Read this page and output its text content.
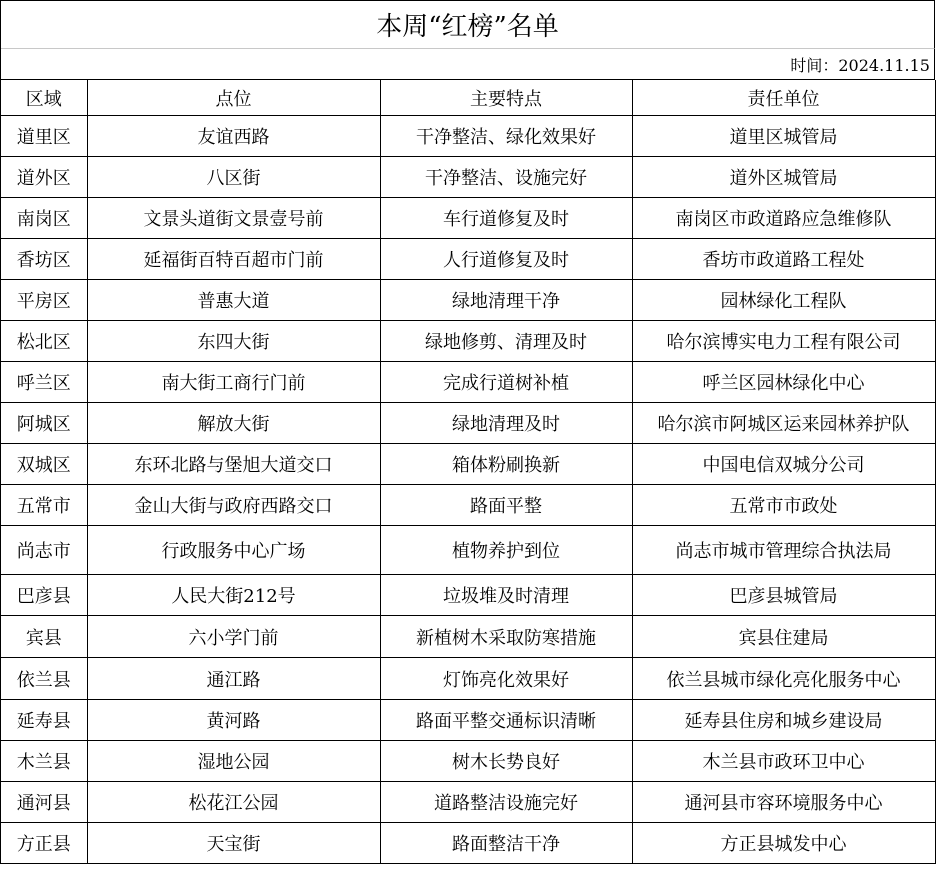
本周“红榜”名单
时间：2024.11.15
区域	点位	主要特点	责任单位
道里区	友谊西路	干净整洁、绿化效果好	道里区城管局
道外区	八区街	干净整洁、设施完好	道外区城管局
南岗区	文景头道街文景壹号前	车行道修复及时	南岗区市政道路应急维修队
香坊区	延福街百特百超市门前	人行道修复及时	香坊市政道路工程处
平房区	普惠大道	绿地清理干净	园林绿化工程队
松北区	东四大街	绿地修剪、清理及时	哈尔滨博实电力工程有限公司
呼兰区	南大街工商行门前	完成行道树补植	呼兰区园林绿化中心
阿城区	解放大街	绿地清理及时	哈尔滨市阿城区运来园林养护队
双城区	东环北路与堡旭大道交口	箱体粉刷换新	中国电信双城分公司
五常市	金山大街与政府西路交口	路面平整	五常市市政处
尚志市	行政服务中心广场	植物养护到位	尚志市城市管理综合执法局
巴彦县	人民大街212号	垃圾堆及时清理	巴彦县城管局
宾县	六小学门前	新植树木采取防寒措施	宾县住建局
依兰县	通江路	灯饰亮化效果好	依兰县城市绿化亮化服务中心
延寿县	黄河路	路面平整交通标识清晰	延寿县住房和城乡建设局
木兰县	湿地公园	树木长势良好	木兰县市政环卫中心
通河县	松花江公园	道路整洁设施完好	通河县市容环境服务中心
方正县	天宝街	路面整洁干净	方正县城发中心
